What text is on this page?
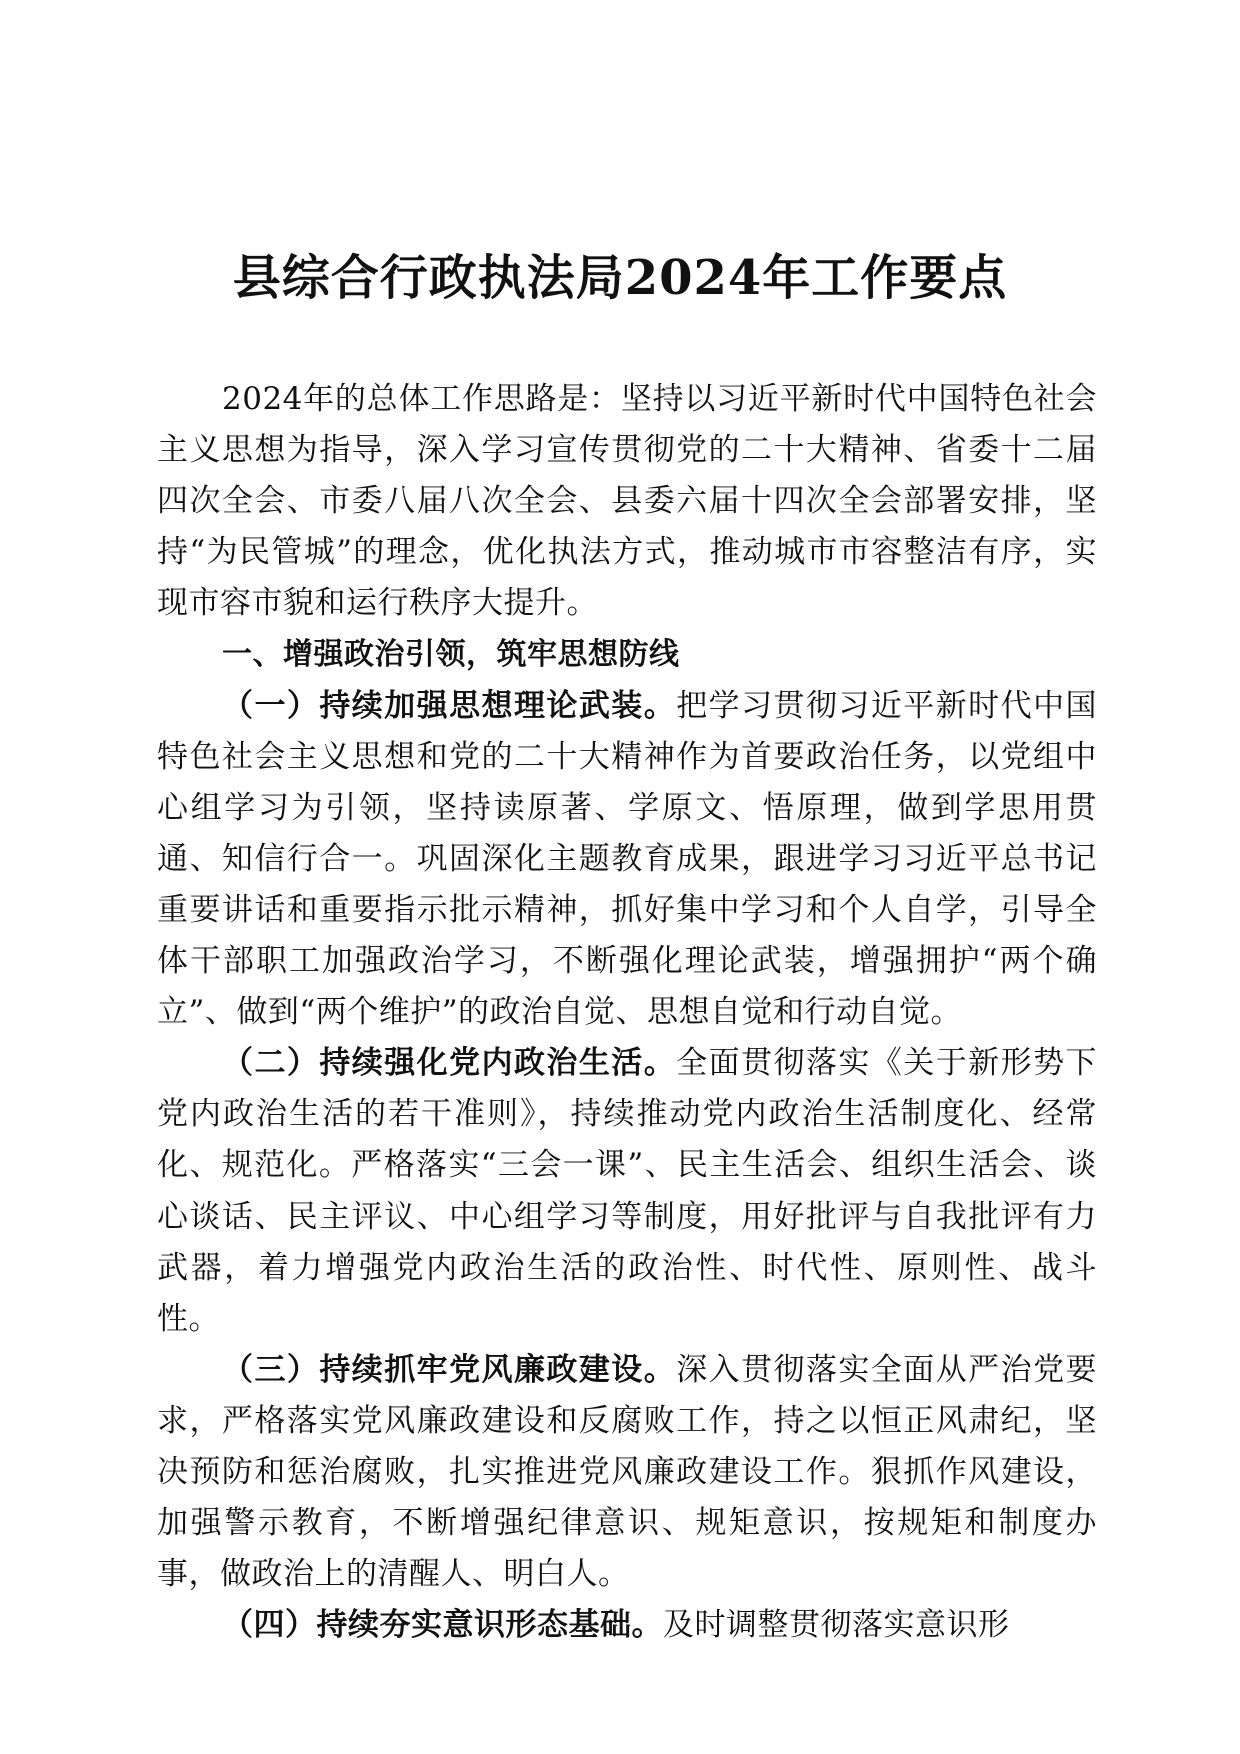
县综合行政执法局2024年工作要点

2024年的总体工作思路是：坚持以习近平新时代中国特色社会主义思想为指导，深入学习宣传贯彻党的二十大精神、省委十二届四次全会、市委八届八次全会、县委六届十四次全会部署安排，坚持“为民管城”的理念，优化执法方式，推动城市市容整洁有序，实现市容市貌和运行秩序大提升。

一、增强政治引领，筑牢思想防线

（一）持续加强思想理论武装。把学习贯彻习近平新时代中国特色社会主义思想和党的二十大精神作为首要政治任务，以党组中心组学习为引领，坚持读原著、学原文、悟原理，做到学思用贯通、知信行合一。巩固深化主题教育成果，跟进学习习近平总书记重要讲话和重要指示批示精神，抓好集中学习和个人自学，引导全体干部职工加强政治学习，不断强化理论武装，增强拥护“两个确立”、做到“两个维护”的政治自觉、思想自觉和行动自觉。

（二）持续强化党内政治生活。全面贯彻落实《关于新形势下党内政治生活的若干准则》，持续推动党内政治生活制度化、经常化、规范化。严格落实“三会一课”、民主生活会、组织生活会、谈心谈话、民主评议、中心组学习等制度，用好批评与自我批评有力武器，着力增强党内政治生活的政治性、时代性、原则性、战斗性。

（三）持续抓牢党风廉政建设。深入贯彻落实全面从严治党要求，严格落实党风廉政建设和反腐败工作，持之以恒正风肃纪，坚决预防和惩治腐败，扎实推进党风廉政建设工作。狠抓作风建设，加强警示教育，不断增强纪律意识、规矩意识，按规矩和制度办事，做政治上的清醒人、明白人。

（四）持续夯实意识形态基础。及时调整贯彻落实意识形
